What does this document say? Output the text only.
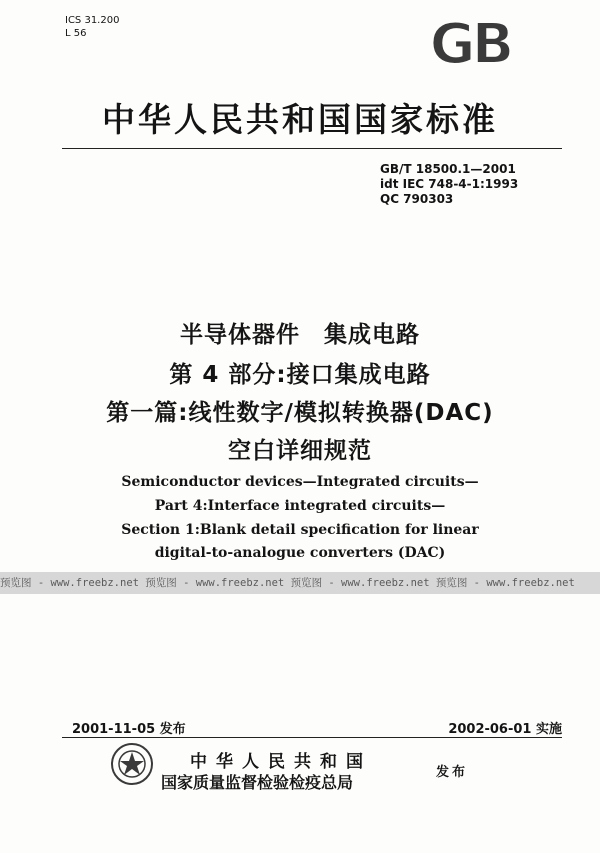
ICS 31.200
L 56	GB
中华人民共和国国家标准
GB/T 18500.1—2001
idt IEC 748-4-1:1993
QC 790303
半导体器件　集成电路
第 4 部分:接口集成电路
第一篇:线性数字/模拟转换器(DAC)
空白详细规范
Semiconductor devices—Integrated circuits—
Part 4:Interface integrated circuits—
Section 1:Blank detail specification for linear
digital-to-analogue converters (DAC)
预览图 - www.freebz.net 预览图 - www.freebz.net 预览图 - www.freebz.net 预览图 - www.freebz.net
2001-11-05 发布	2002-06-01 实施
中华人民共和国
国家质量监督检验检疫总局
发布
